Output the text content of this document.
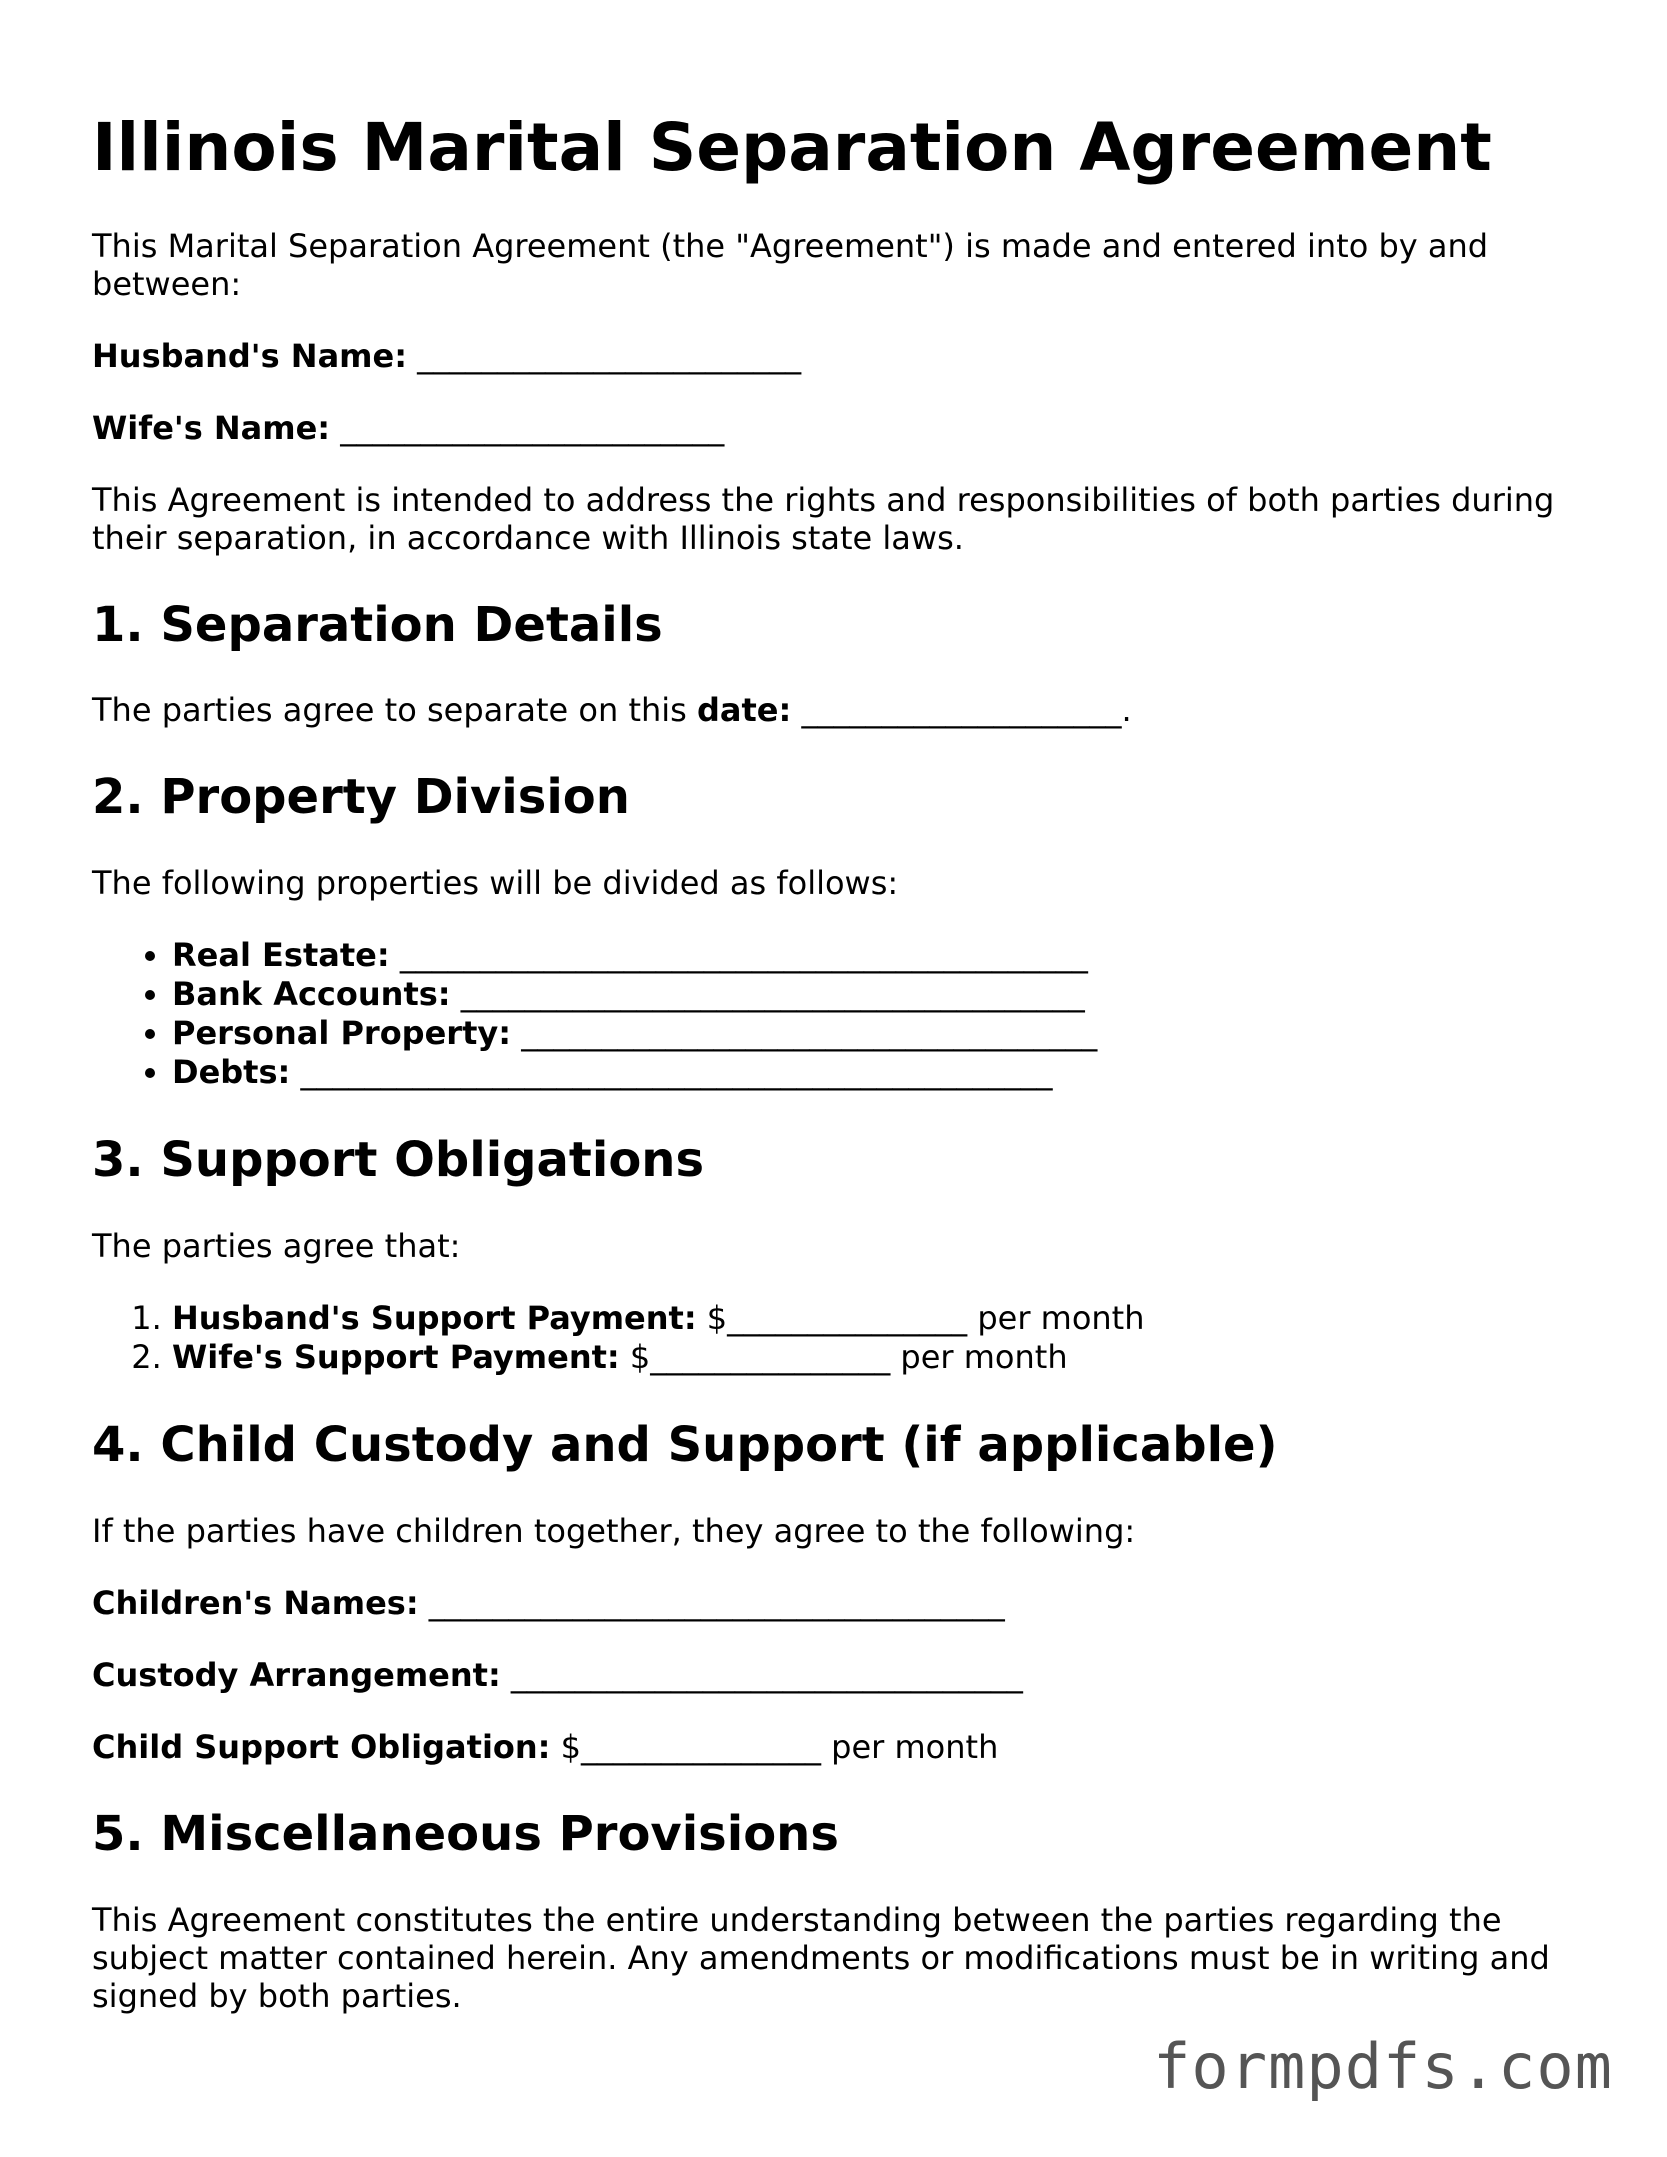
Illinois Marital Separation Agreement

This Marital Separation Agreement (the "Agreement") is made and entered into by and between:

Husband's Name: ________________________
Wife's Name: ________________________

This Agreement is intended to address the rights and responsibilities of both parties during their separation, in accordance with Illinois state laws.

1. Separation Details

The parties agree to separate on this date: ____________________.

2. Property Division

The following properties will be divided as follows:

• Real Estate: ___________________________________________
• Bank Accounts: _______________________________________
• Personal Property: ____________________________________
• Debts: _______________________________________________
3. Support Obligations

The parties agree that:

1. Husband's Support Payment: $_______________ per month
2. Wife's Support Payment: $_______________ per month
4. Child Custody and Support (if applicable)

If the parties have children together, they agree to the following:

Children's Names: ____________________________________
Custody Arrangement: ________________________________
Child Support Obligation: $_______________ per month
5. Miscellaneous Provisions

This Agreement constitutes the entire understanding between the parties regarding the subject matter contained herein. Any amendments or modifications must be in writing and signed by both parties.

formpdfs.com
